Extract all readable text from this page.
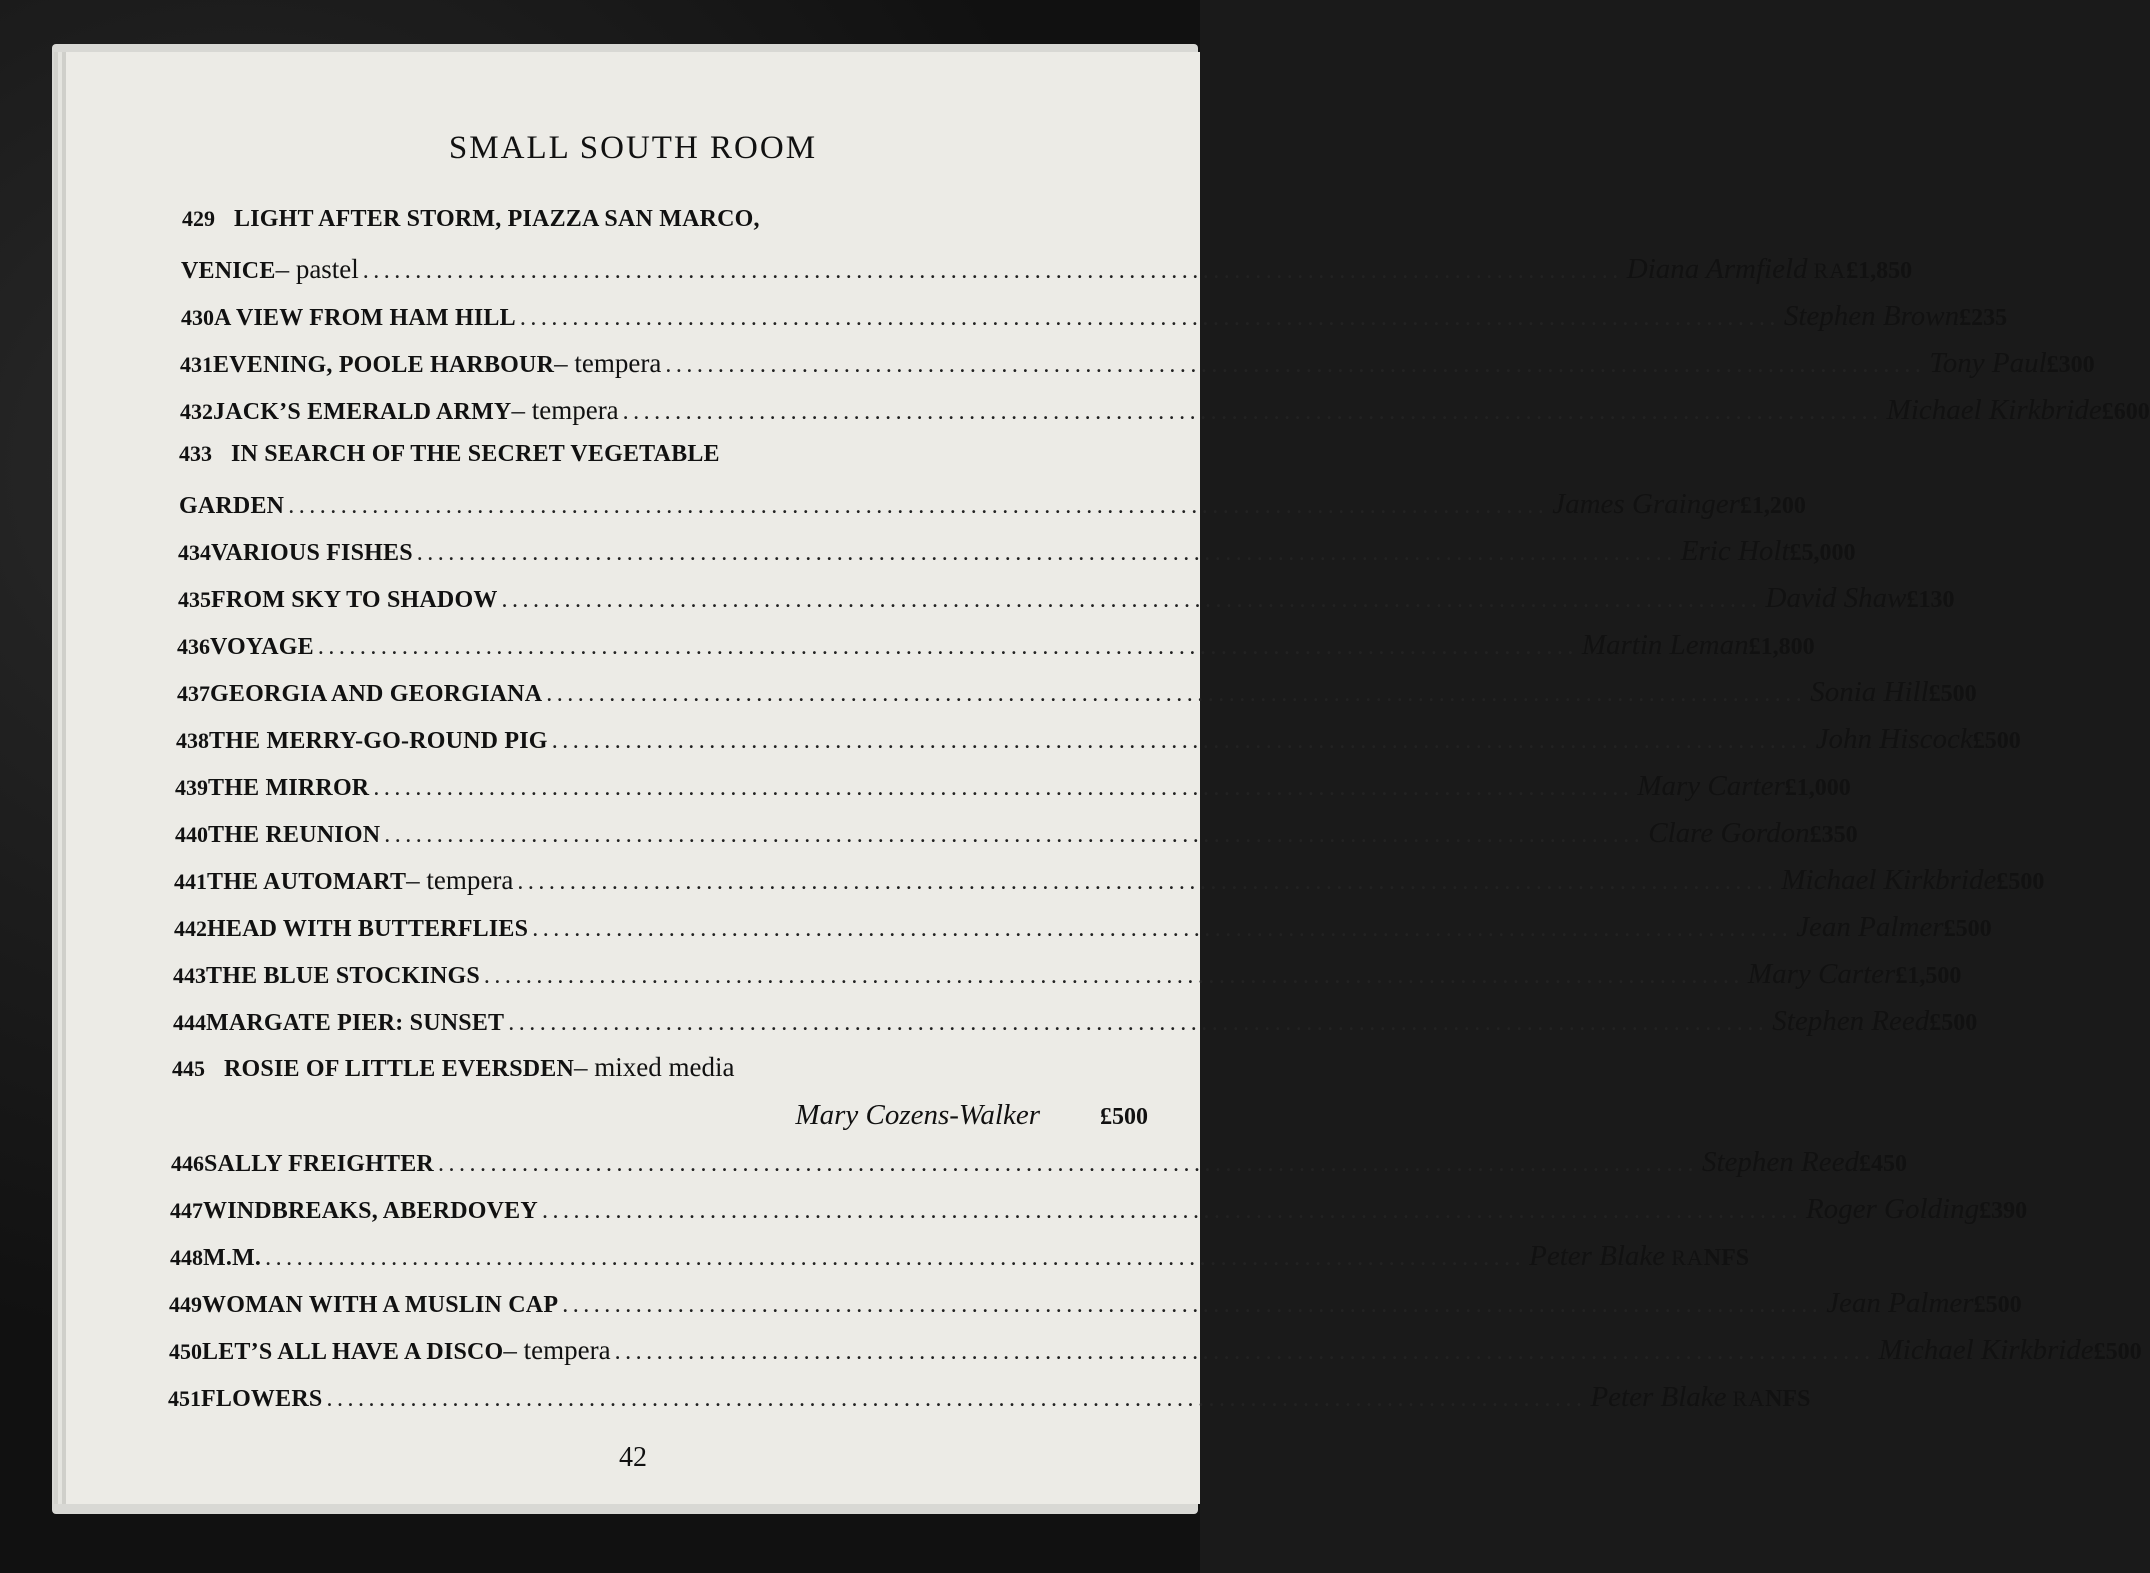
SMALL SOUTH ROOM
429 LIGHT AFTER STORM, PIAZZA SAN MARCO,
VENICE – pastel ........................................................................................................................ Diana Armfield RA £1,850
430 A VIEW FROM HAM HILL ........................................................................................................................ Stephen Brown £235
431 EVENING, POOLE HARBOUR – tempera ........................................................................................................................ Tony Paul £300
432 JACK’S EMERALD ARMY – tempera ........................................................................................................................ Michael Kirkbride £600
433 IN SEARCH OF THE SECRET VEGETABLE
GARDEN ........................................................................................................................ James Grainger £1,200
434 VARIOUS FISHES ........................................................................................................................ Eric Holt £5,000
435 FROM SKY TO SHADOW ........................................................................................................................ David Shaw £130
436 VOYAGE ........................................................................................................................ Martin Leman £1,800
437 GEORGIA AND GEORGIANA ........................................................................................................................ Sonia Hill £500
438 THE MERRY-GO-ROUND PIG ........................................................................................................................ John Hiscock £500
439 THE MIRROR ........................................................................................................................ Mary Carter £1,000
440 THE REUNION ........................................................................................................................ Clare Gordon £350
441 THE AUTOMART – tempera ........................................................................................................................ Michael Kirkbride £500
442 HEAD WITH BUTTERFLIES ........................................................................................................................ Jean Palmer £500
443 THE BLUE STOCKINGS ........................................................................................................................ Mary Carter £1,500
444 MARGATE PIER: SUNSET ........................................................................................................................ Stephen Reed £500
445 ROSIE OF LITTLE EVERSDEN – mixed media
Mary Cozens-Walker	£500
446 SALLY FREIGHTER ........................................................................................................................ Stephen Reed £450
447 WINDBREAKS, ABERDOVEY ........................................................................................................................ Roger Golding £390
448 M.M. ........................................................................................................................ Peter Blake RA NFS
449 WOMAN WITH A MUSLIN CAP ........................................................................................................................ Jean Palmer £500
450 LET’S ALL HAVE A DISCO – tempera ........................................................................................................................ Michael Kirkbride £500
451 FLOWERS ........................................................................................................................ Peter Blake RA NFS
42
